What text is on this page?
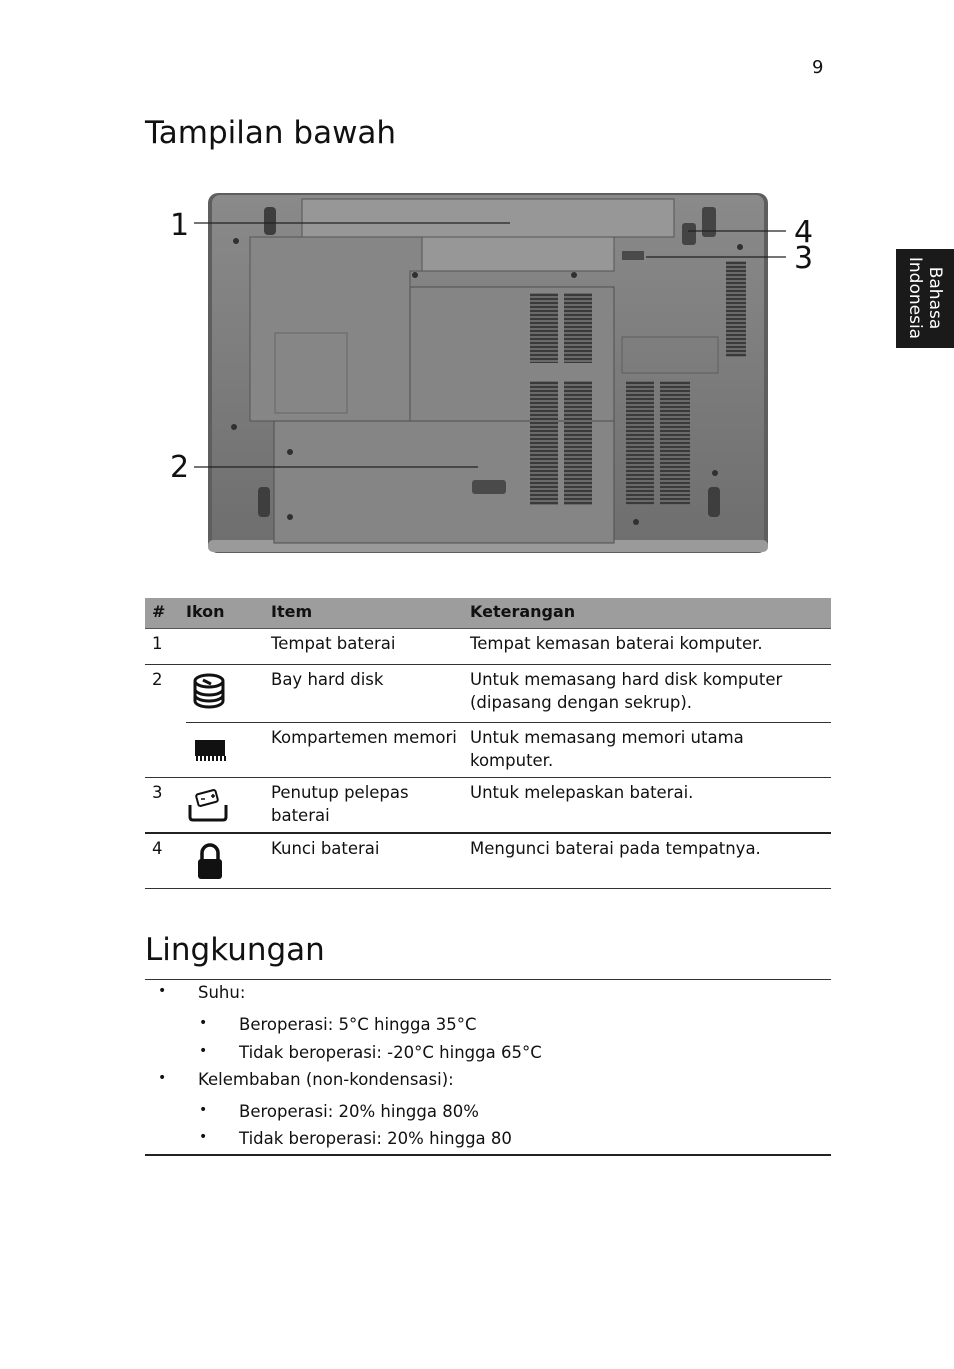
9
Bahasa
Indonesia
Tampilan bawah
1
2
3
4
#	Ikon	Item	Keterangan
1		Tempat baterai	Tempat kemasan baterai komputer.
2		Bay hard disk	Untuk memasang hard disk komputer (dipasang dengan sekrup).
		Kompartemen memori	Untuk memasang memori utama komputer.
3		Penutup pelepas baterai	Untuk melepaskan baterai.
4		Kunci baterai	Mengunci baterai pada tempatnya.
Lingkungan
• Suhu:
• Beroperasi: 5°C hingga 35°C
• Tidak beroperasi: -20°C hingga 65°C
• Kelembaban (non-kondensasi):
• Beroperasi: 20% hingga 80%
• Tidak beroperasi: 20% hingga 80
